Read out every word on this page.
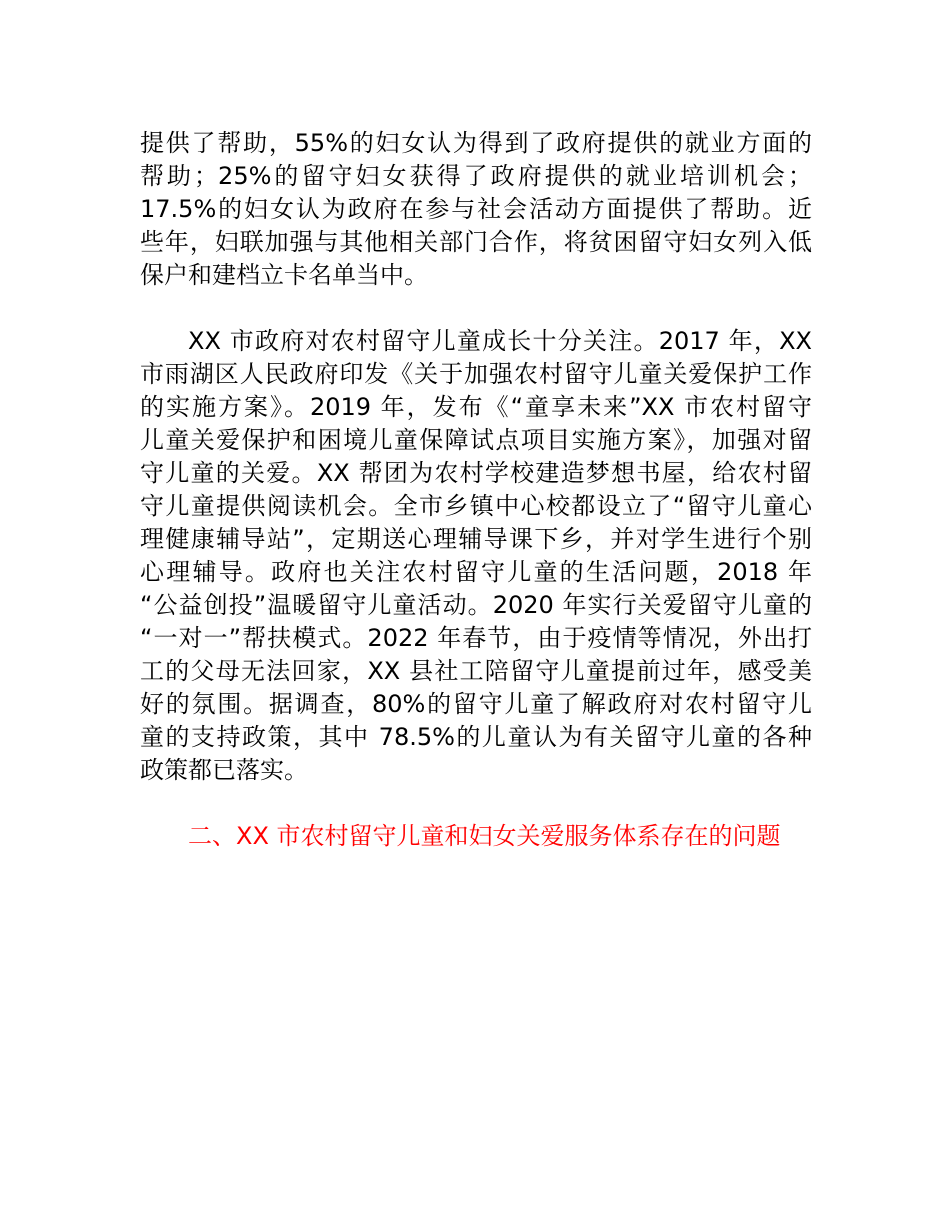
提供了帮助，55%的妇女认为得到了政府提供的就业方面的
帮助；25%的留守妇女获得了政府提供的就业培训机会；
17.5%的妇女认为政府在参与社会活动方面提供了帮助。近
些年，妇联加强与其他相关部门合作，将贫困留守妇女列入低
保户和建档立卡名单当中。
XX 市政府对农村留守儿童成长十分关注。2017 年，XX
市雨湖区人民政府印发《关于加强农村留守儿童关爱保护工作
的实施方案》。2019 年，发布《“童享未来”XX 市农村留守
儿童关爱保护和困境儿童保障试点项目实施方案》，加强对留
守儿童的关爱。XX 帮团为农村学校建造梦想书屋，给农村留
守儿童提供阅读机会。全市乡镇中心校都设立了“留守儿童心
理健康辅导站”，定期送心理辅导课下乡，并对学生进行个别
心理辅导。政府也关注农村留守儿童的生活问题，2018 年
“公益创投”温暖留守儿童活动。2020 年实行关爱留守儿童的
“一对一”帮扶模式。2022 年春节，由于疫情等情况，外出打
工的父母无法回家，XX 县社工陪留守儿童提前过年，感受美
好的氛围。据调查，80%的留守儿童了解政府对农村留守儿
童的支持政策，其中 78.5%的儿童认为有关留守儿童的各种
政策都已落实。
二、XX 市农村留守儿童和妇女关爱服务体系存在的问题
